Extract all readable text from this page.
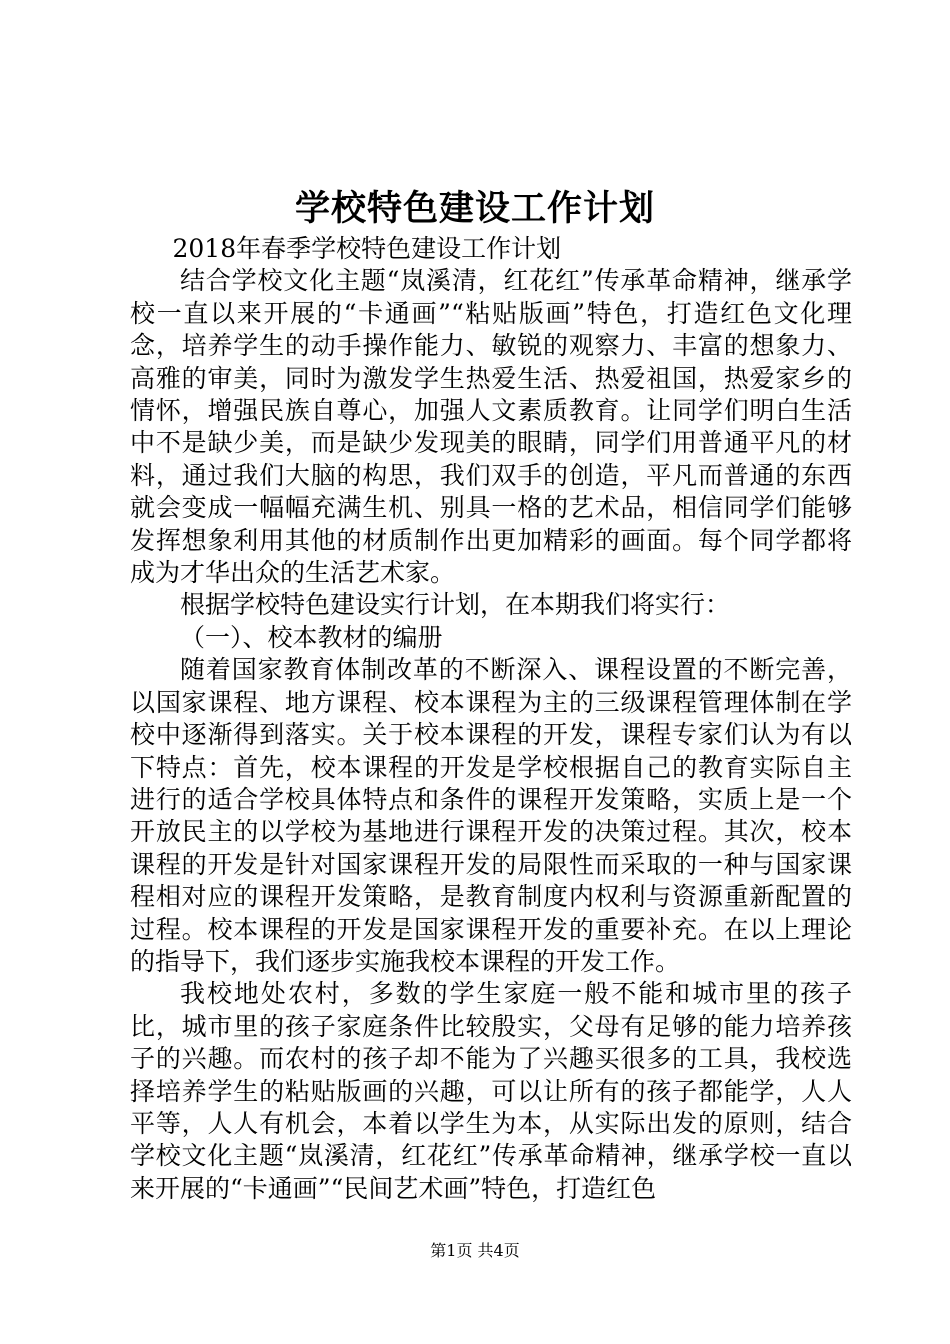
学校特色建设工作计划

2018年春季学校特色建设工作计划

结合学校文化主题“岚溪清，红花红”传承革命精神，继承学校一直以来开展的“卡通画”“粘贴版画”特色，打造红色文化理念，培养学生的动手操作能力、敏锐的观察力、丰富的想象力、高雅的审美，同时为激发学生热爱生活、热爱祖国，热爱家乡的情怀，增强民族自尊心，加强人文素质教育。让同学们明白生活中不是缺少美，而是缺少发现美的眼睛，同学们用普通平凡的材料，通过我们大脑的构思，我们双手的创造，平凡而普通的东西就会变成一幅幅充满生机、别具一格的艺术品，相信同学们能够发挥想象利用其他的材质制作出更加精彩的画面。每个同学都将成为才华出众的生活艺术家。

根据学校特色建设实行计划，在本期我们将实行：

（一）、校本教材的编册

随着国家教育体制改革的不断深入、课程设置的不断完善，以国家课程、地方课程、校本课程为主的三级课程管理体制在学校中逐渐得到落实。关于校本课程的开发，课程专家们认为有以下特点：首先，校本课程的开发是学校根据自己的教育实际自主进行的适合学校具体特点和条件的课程开发策略，实质上是一个开放民主的以学校为基地进行课程开发的决策过程。其次，校本课程的开发是针对国家课程开发的局限性而采取的一种与国家课程相对应的课程开发策略，是教育制度内权利与资源重新配置的过程。校本课程的开发是国家课程开发的重要补充。在以上理论的指导下，我们逐步实施我校本课程的开发工作。

我校地处农村，多数的学生家庭一般不能和城市里的孩子比，城市里的孩子家庭条件比较殷实，父母有足够的能力培养孩子的兴趣。而农村的孩子却不能为了兴趣买很多的工具，我校选择培养学生的粘贴版画的兴趣，可以让所有的孩子都能学，人人平等，人人有机会，本着以学生为本，从实际出发的原则，结合学校文化主题“岚溪清，红花红”传承革命精神，继承学校一直以来开展的“卡通画”“民间艺术画”特色，打造红色

第1页 共4页
